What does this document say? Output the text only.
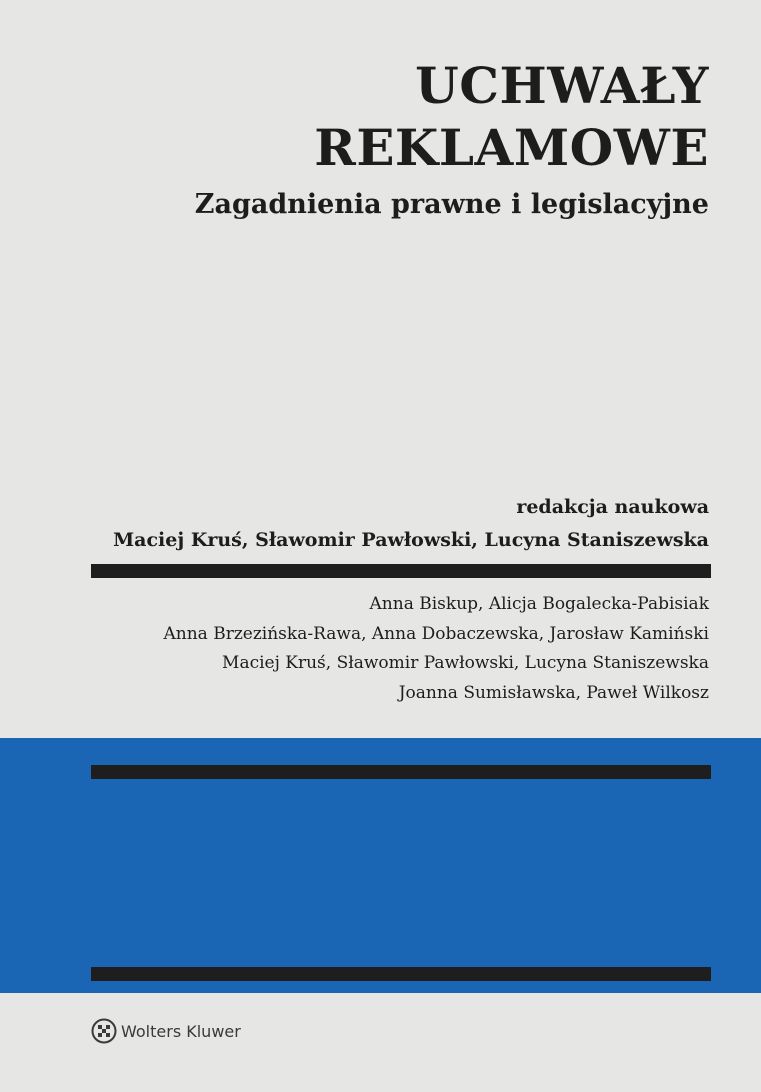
UCHWAŁY
REKLAMOWE
Zagadnienia prawne i legislacyjne
redakcja naukowa
Maciej Kruś, Sławomir Pawłowski, Lucyna Staniszewska
Anna Biskup, Alicja Bogalecka-Pabisiak
Anna Brzezińska-Rawa, Anna Dobaczewska, Jarosław Kamiński
Maciej Kruś, Sławomir Pawłowski, Lucyna Staniszewska
Joanna Sumisławska, Paweł Wilkosz
Wolters Kluwer
